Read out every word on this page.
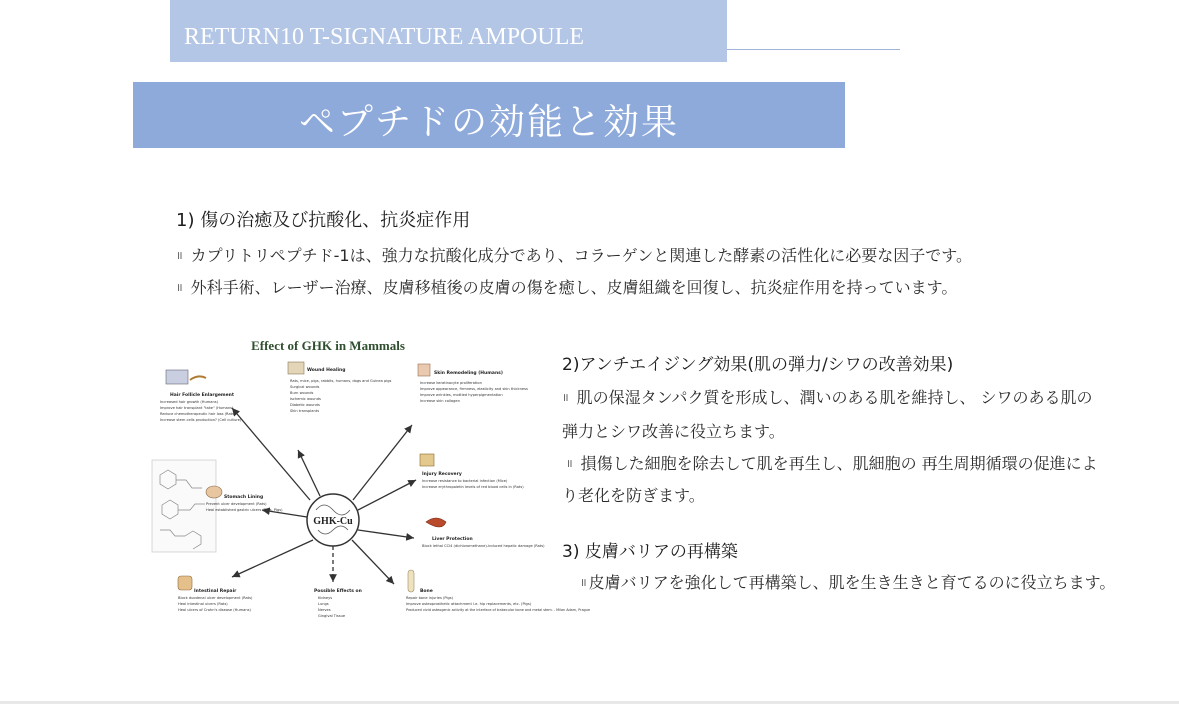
RETURN10 T-SIGNATURE AMPOULE
ペプチドの効能と効果
1) 傷の治癒及び抗酸化、抗炎症作用
॥ カプリトリペプチド-1は、強力な抗酸化成分であり、コラーゲンと関連した酵素の活性化に必要な因子です。
॥ 外科手術、レーザー治療、皮膚移植後の皮膚の傷を癒し、皮膚組織を回復し、抗炎症作用を持っています。
Effect of GHK in Mammals
GHK-Cu
Wound Healing
Rats, mice, pigs, rabbits, humans, dogs and Guinea pigs
Surgical wounds
Burn wounds
Ischemic wounds
Diabetic wounds
Skin transplants
Skin Remodeling (Humans)
Increase keratinocyte proliferation
Improve appearance, firmness, elasticity and skin thickness
Improve wrinkles, mottled hyperpigmentation
Increase skin collagen
Hair Follicle Enlargement
Increased hair growth (Humans)
Improve hair transplant "take" (Humans)
Reduce chemotherapeutic hair loss (Rats)
Increase stem cells production? (Cell culture)
Injury Recovery
Increase resistance to bacterial infection (Mice)
Increase erythropoietin levels of red blood cells in (Rats)
Stomach Lining
Prevent ulcer development (Rats)
Heal established gastric ulcers (Rats, Pigs)
Liver Protection
Block lethal CCl4 (dichloromethane)-induced hepatic damage (Rats)
Intestinal Repair
Block duodenal ulcer development (Rats)
Heal intestinal ulcers (Rats)
Heal ulcers of Crohn's disease (Humans)
Possible Effects on
Kidneys
Lungs
Nerves
Gingival Tissue
Bone
Repair bone injuries (Pigs)
Improve osteoprosthetic attachment i.e. hip replacements, etc. (Pigs)
Produced vivid osteogenic activity at the interface of trabecular bone and metal stem. - Milan Adam, Prague
2)アンチエイジング効果(肌の弾力/シワの改善効果)
॥ 肌の保湿タンパク質を形成し、潤いのある肌を維持し、 シワのある肌の
弾力とシワ改善に役立ちます。
॥ 損傷した細胞を除去して肌を再生し、肌細胞の 再生周期循環の促進によ
り老化を防ぎます。
3) 皮膚バリアの再構築
॥ 皮膚バリアを強化して再構築し、肌を生き生きと育てるのに役立ちます。
